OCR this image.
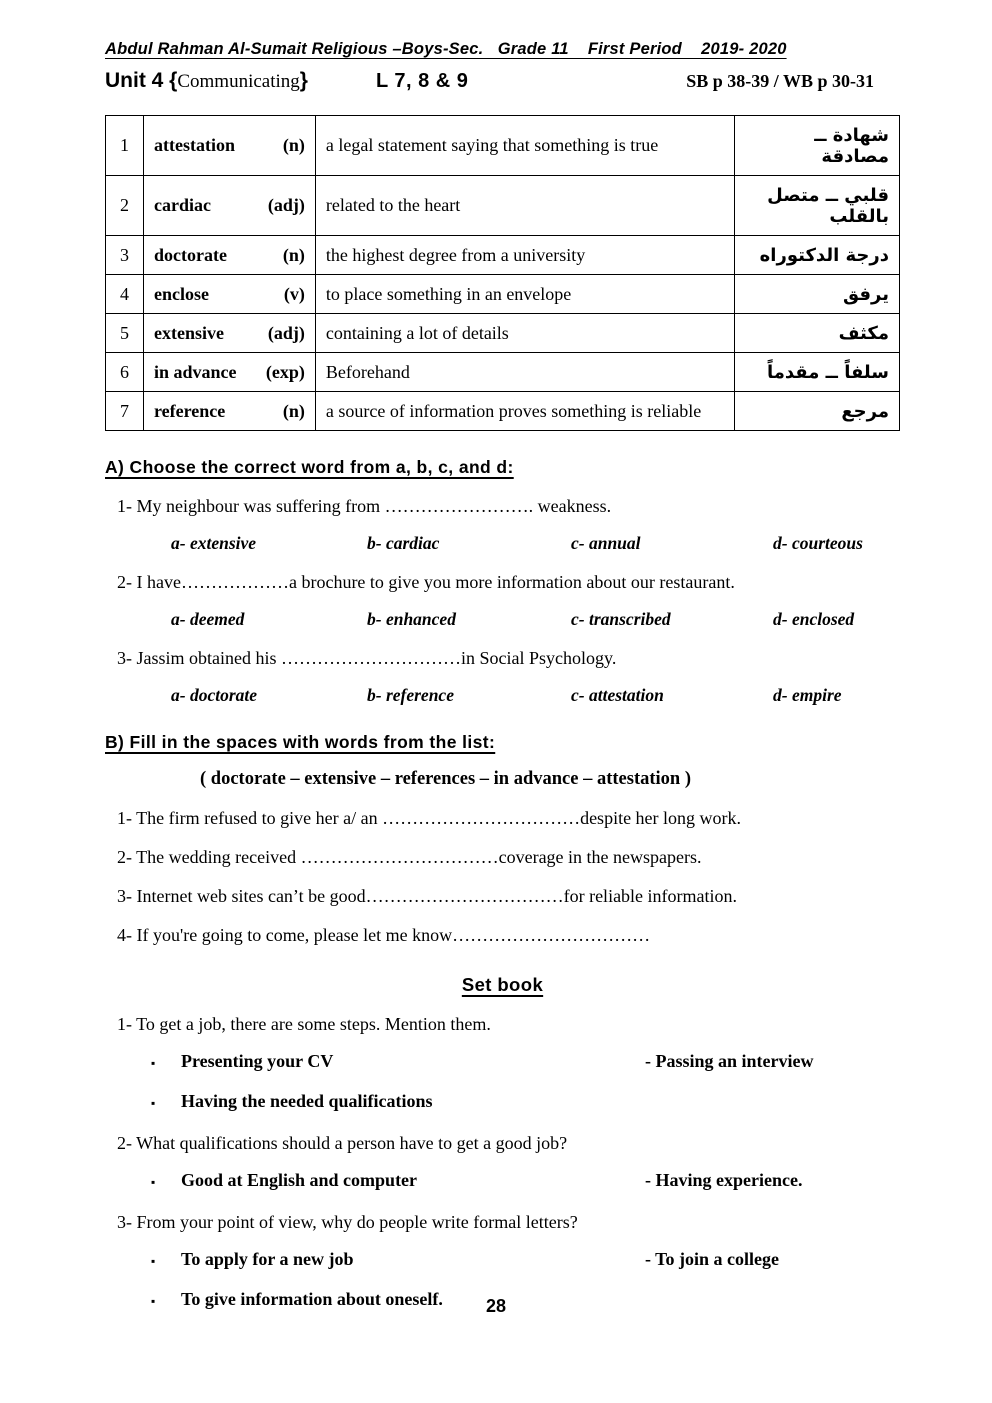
Abdul Rahman Al-Sumait Religious –Boys-Sec.   Grade 11    First Period    2019- 2020
Unit 4 { Communicating }	L 7, 8 & 9	SB p 38-39 / WB p 30-31
1	attestation (n)	a legal statement saying that something is true	شهادة ــ مصادقة
2	cardiac (adj)	related to the heart	قلبي ــ متصل بالقلب
3	doctorate (n)	the highest degree from a university	درجة الدكتوراه
4	enclose (v)	to place something in an envelope	يرفق
5	extensive (adj)	containing a lot of details	مكثف
6	in advance (exp)	Beforehand	سلفاً ــ مقدماً
7	reference (n)	a source of information proves something is reliable	مرجع
A) Choose the correct word from a, b, c, and d:
1- My neighbour was suffering from ……………………. weakness.
a- extensive	b- cardiac	c- annual	d- courteous
2- I have………………a brochure to give you more information about our restaurant.
a- deemed	b- enhanced	c- transcribed	d- enclosed
3- Jassim obtained his …………………………in Social Psychology.
a- doctorate	b- reference	c- attestation	d- empire
B) Fill in the spaces with words from the list:
( doctorate – extensive – references – in advance – attestation )
1- The firm refused to give her a/ an ……………………………despite her long work.
2- The wedding received ……………………………coverage in the newspapers.
3- Internet web sites can’t be good……………………………for reliable information.
4- If you're going to come, please let me know……………………………
Set book
1- To get a job, there are some steps. Mention them.
▪	Presenting your CV	- Passing an interview
▪	Having the needed qualifications
2- What qualifications should a person have to get a good job?
▪	Good at English and computer	- Having experience.
3- From your point of view, why do people write formal letters?
▪	To apply for a new job	- To join a college
▪	To give information about oneself.	28
